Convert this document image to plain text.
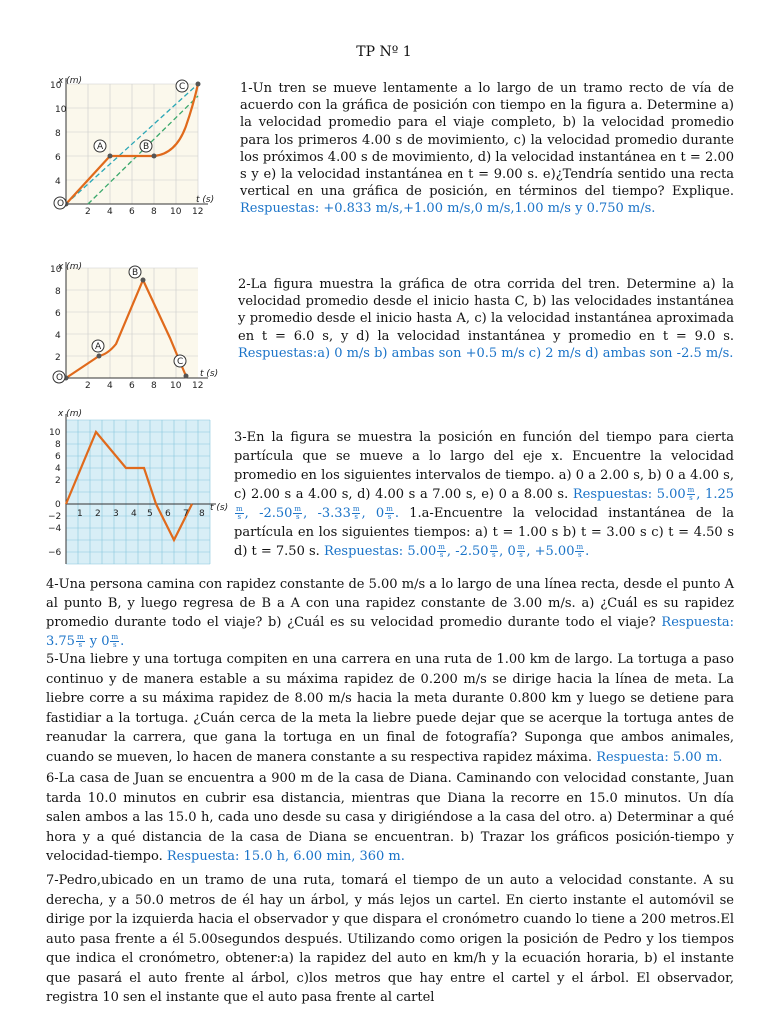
TP Nº 1
A	B
C
O
x (m)
t (s)
4
6
8
10
10
2 4 6 8 10 12
1-Un tren se mueve lentamente a lo largo de un tramo recto de vía de acuerdo con la gráfica de posición con tiempo en la figura a. Determine a) la velocidad promedio para el viaje completo, b) la velocidad promedio para los primeros 4.00 s de movimiento, c) la velocidad promedio durante los próximos 4.00 s de movimiento, d) la velocidad instantánea en t = 2.00 s y e) la velocidad instantánea en t = 9.00 s. e)¿Tendría sentido una recta vertical en una gráfica de posición, en términos del tiempo? Explique. Respuestas: +0.833 m/s,+1.00 m/s,0 m/s,1.00 m/s y 0.750 m/s.
A
B
C
O
x (m)
t (s)
2
4
6
8
10
2 4 6 8 10 12
2-La figura muestra la gráfica de otra corrida del tren. Determine a) la velocidad promedio desde el inicio hasta C, b) las velocidades instantánea y promedio desde el inicio hasta A, c) la velocidad instantánea aproximada en t = 6.0 s, y d) la velocidad instantánea y promedio en t = 9.0 s. Respuestas:a) 0 m/s b) ambas son +0.5 m/s c) 2 m/s d) ambas son -2.5 m/s.
x (m)
t (s)
10
8
6
4
2
0
−2
−4
−6
1 2 3 4 5 6 7 8
3-En la figura se muestra la posición en función del tiempo para cierta partícula que se mueve a lo largo del eje x. Encuentre la velocidad promedio en los siguientes intervalos de tiempo. a) 0 a 2.00 s, b) 0 a 4.00 s, c) 2.00 s a 4.00 s, d) 4.00 s a 7.00 s, e) 0 a 8.00 s. Respuestas: $5.00 \frac{m}{s}$ , 1.25
$\frac{m}{s}$ , $-2.50 \frac{m}{s}$ , $-3.33 \frac{m}{s}$ , $0 \frac{m}{s}$ . 1.a-Encuentre la velocidad instantánea de la partícula en los siguientes tiempos: a) t = 1.00 s b) t = 3.00 s c) t = 4.50 s d) t = 7.50 s. Respuestas: $5.00 \frac{m}{s}$ , $-2.50 \frac{m}{s}$ , $0 \frac{m}{s}$ , $+5.00 \frac{m}{s}$ .
4-Una persona camina con rapidez constante de 5.00 m/s a lo largo de una línea recta, desde el punto A al punto B, y luego regresa de B a A con una rapidez constante de 3.00 m/s. a) ¿Cuál es su rapidez promedio durante todo el viaje? b) ¿Cuál es su velocidad promedio durante todo el viaje? Respuesta: $3.75 \frac{m}{s}$ y $0 \frac{m}{s}$ .
5-Una liebre y una tortuga compiten en una carrera en una ruta de 1.00 km de largo. La tortuga a paso continuo y de manera estable a su máxima rapidez de 0.200 m/s se dirige hacia la línea de meta. La liebre corre a su máxima rapidez de 8.00 m/s hacia la meta durante 0.800 km y luego se detiene para fastidiar a la tortuga. ¿Cuán cerca de la meta la liebre puede dejar que se acerque la tortuga antes de reanudar la carrera, que gana la tortuga en un final de fotografía? Suponga que ambos animales, cuando se mueven, lo hacen de manera constante a su respectiva rapidez máxima. Respuesta: 5.00 m.
6-La casa de Juan se encuentra a 900 m de la casa de Diana. Caminando con velocidad constante, Juan tarda 10.0 minutos en cubrir esa distancia, mientras que Diana la recorre en 15.0 minutos. Un día salen ambos a las 15.0 h, cada uno desde su casa y dirigiéndose a la casa del otro. a) Determinar a qué hora y a qué distancia de la casa de Diana se encuentran. b) Trazar los gráficos posición-tiempo y velocidad-tiempo. Respuesta: 15.0 h, 6.00 min, 360 m.
7-Pedro,ubicado en un tramo de una ruta, tomará el tiempo de un auto a velocidad constante. A su derecha, y a 50.0 metros de él hay un árbol, y más lejos un cartel. En cierto instante el automóvil se dirige por la izquierda hacia el observador y que dispara el cronómetro cuando lo tiene a 200 metros.El auto pasa frente a él 5.00segundos después. Utilizando como origen la posición de Pedro y los tiempos que indica el cronómetro, obtener:a) la rapidez del auto en km/h y la ecuación horaria, b) el instante que pasará el auto frente al árbol, c)los metros que hay entre el cartel y el árbol. El observador, registra 10 sen el instante que el auto pasa frente al cartel
